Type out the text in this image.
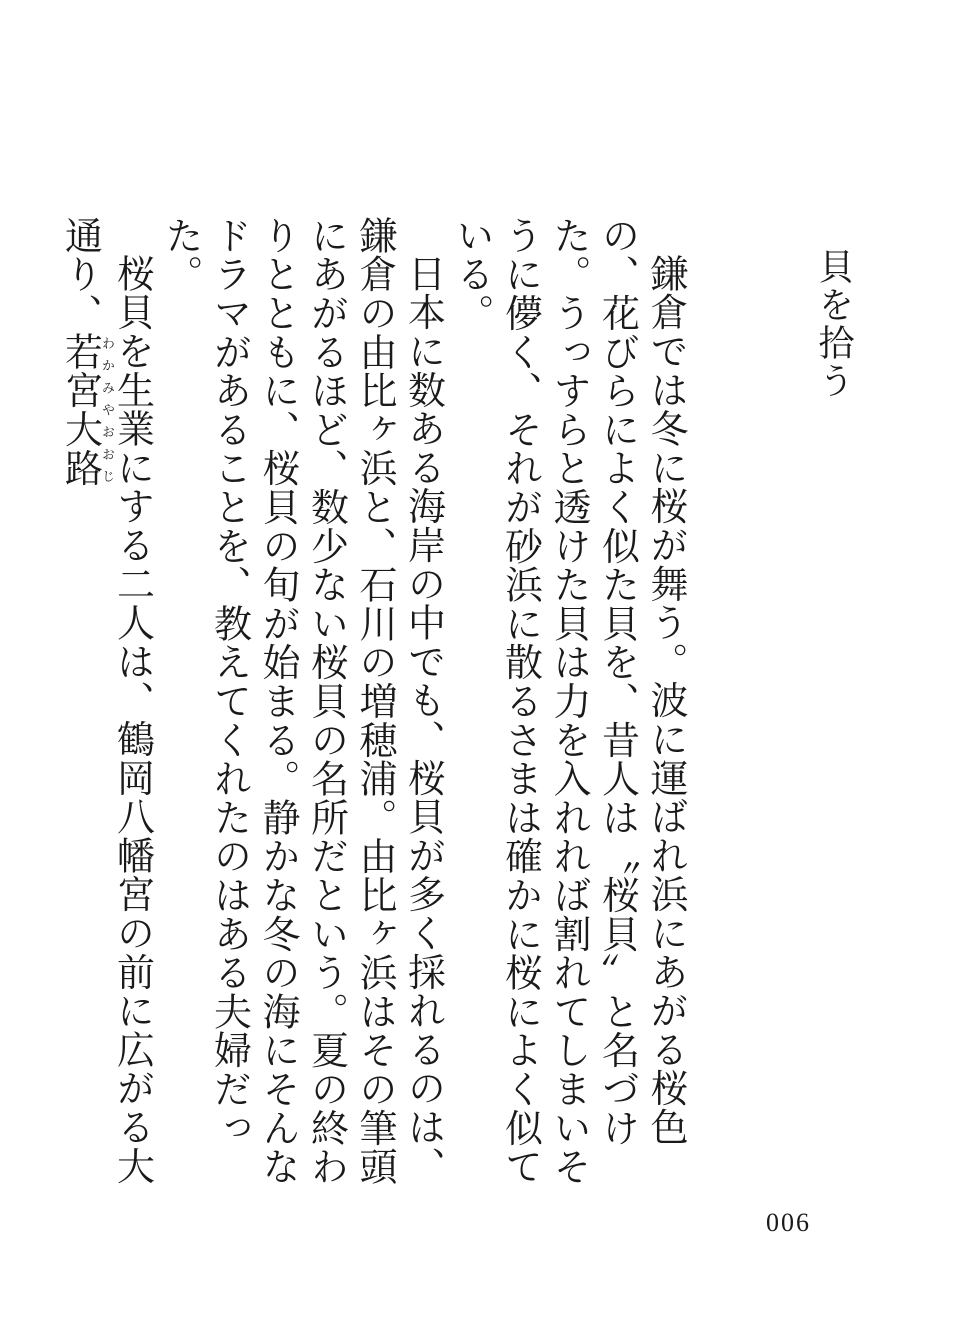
貝を拾う

鎌倉では冬に桜が舞う。波に運ばれ浜にあがる桜色の、花びらによく似た貝を、昔人は〝桜貝〟と名づけた。うっすらと透けた貝は力を入れれば割れてしまいそうに儚く、それが砂浜に散るさまは確かに桜によく似ている。

日本に数ある海岸の中でも、桜貝が多く採れるのは、鎌倉の由比ヶ浜と、石川の増穂浦。由比ヶ浜はその筆頭にあがるほど、数少ない桜貝の名所だという。夏の終わりとともに、桜貝の旬が始まる。静かな冬の海にそんなドラマがあることを、教えてくれたのはある夫婦だった。

桜貝を生業にする二人は、鶴岡八幡宮の前に広がる大通り、若宮大路わかみやおおじ

006
